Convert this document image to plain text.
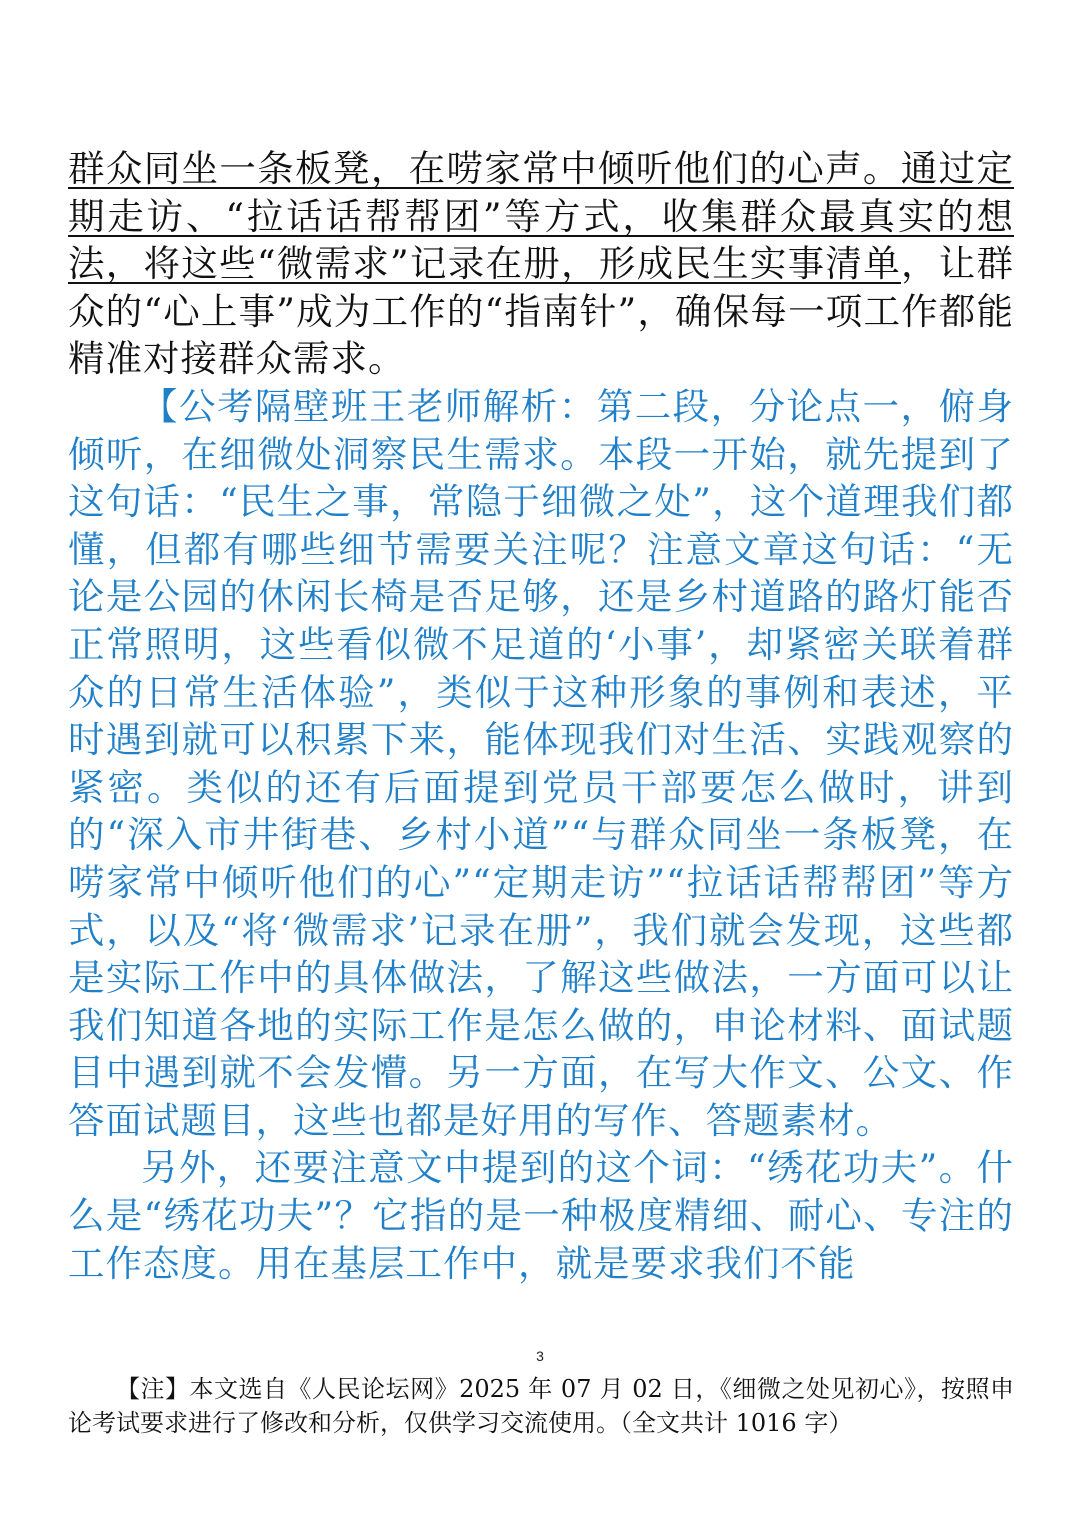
群众同坐一条板凳，在唠家常中倾听他们的心声。通过定期走访、“拉话话帮帮团”等方式，收集群众最真实的想法，将这些“微需求”记录在册，形成民生实事清单，让群众的“心上事”成为工作的“指南针”，确保每一项工作都能精准对接群众需求。

【公考隔壁班王老师解析：第二段，分论点一，俯身倾听，在细微处洞察民生需求。本段一开始，就先提到了这句话：“民生之事，常隐于细微之处”，这个道理我们都懂，但都有哪些细节需要关注呢？注意文章这句话：“无论是公园的休闲长椅是否足够，还是乡村道路的路灯能否正常照明，这些看似微不足道的‘小事’，却紧密关联着群众的日常生活体验”，类似于这种形象的事例和表述，平时遇到就可以积累下来，能体现我们对生活、实践观察的紧密。类似的还有后面提到党员干部要怎么做时，讲到的“深入市井街巷、乡村小道”“与群众同坐一条板凳，在唠家常中倾听他们的心”“定期走访”“拉话话帮帮团”等方式，以及“将‘微需求’记录在册”，我们就会发现，这些都是实际工作中的具体做法，了解这些做法，一方面可以让我们知道各地的实际工作是怎么做的，申论材料、面试题目中遇到就不会发懵。另一方面，在写大作文、公文、作答面试题目，这些也都是好用的写作、答题素材。

另外，还要注意文中提到的这个词：“绣花功夫”。什么是“绣花功夫”？它指的是一种极度精细、耐心、专注的工作态度。用在基层工作中，就是要求我们不能

3
【注】本文选自《人民论坛网》2025 年 07 月 02 日，《细微之处见初心》，按照申论考试要求进行了修改和分析，仅供学习交流使用。（全文共计 1016 字）
